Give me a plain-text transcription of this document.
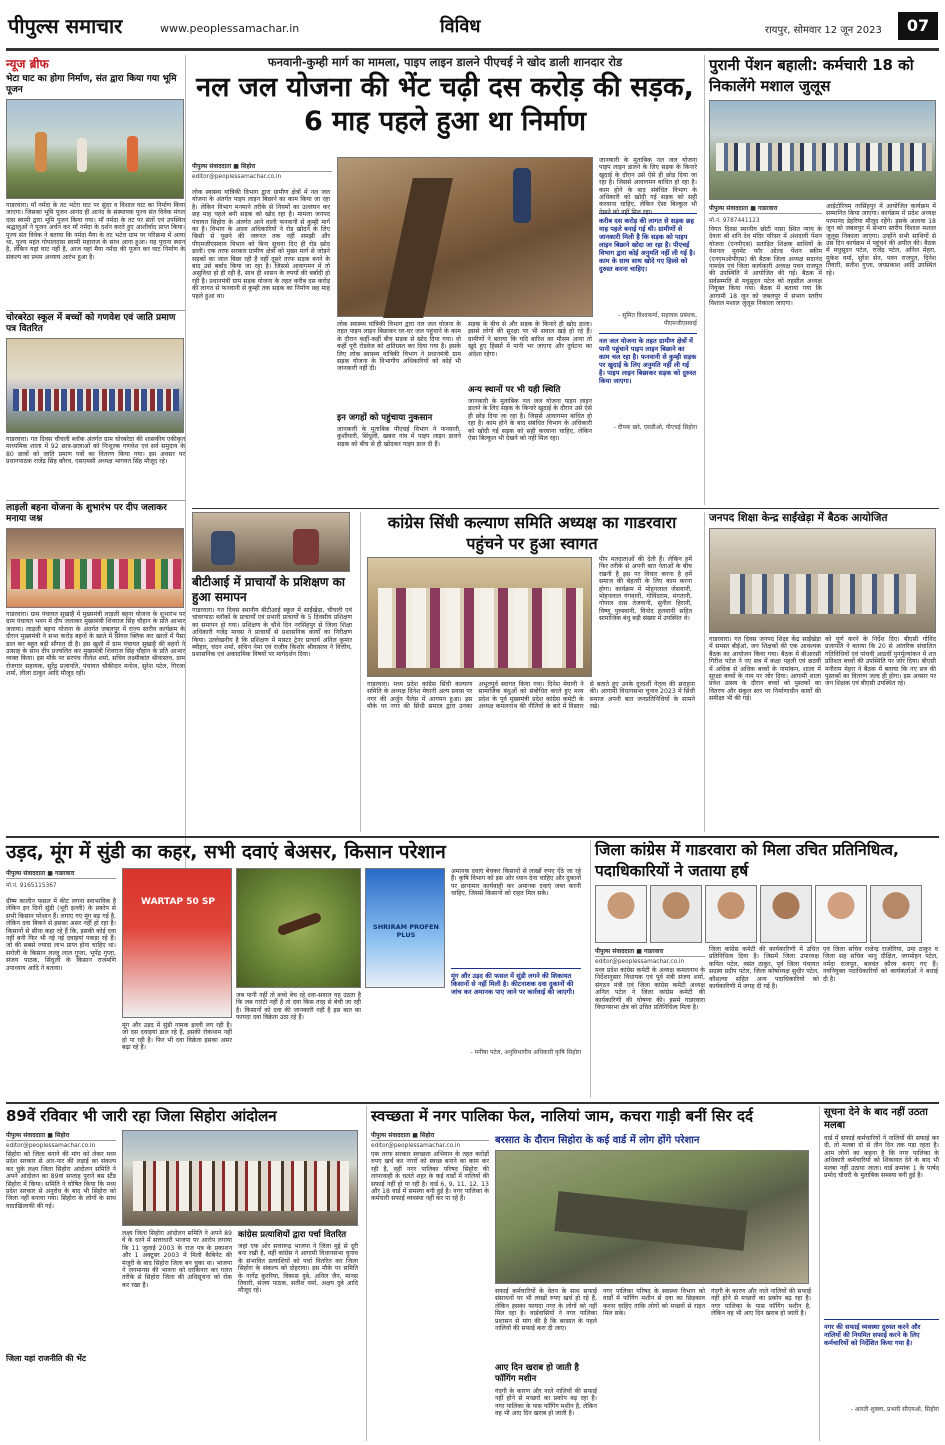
पीपुल्स समाचार	www.peoplessamachar.in	विविध	रायपुर, सोमवार 12 जून 2023	07
न्यूज ब्रीफ
भेटा घाट का होगा निर्माण, संत द्वारा किया गया भूमि पूजन
गाडरवारा। माँ नर्मदा के तट भटेरा घाट पर सुंदर व विशाल घाट का निर्माण किया जाएगा। जिसका भूमि पूजन आनंद ही आनंद के संस्थापक पूज्य संत विवेक मंगल दास स्वामी द्वारा भूमि पूजन किया गया। माँ नर्मदा के तट पर संतों एवं उपस्थित श्रद्धालुओं ने पूजन अर्चन कर माँ नर्मदा के दर्शन करते हुए आशीर्वाद प्राप्त किया। पूज्य संत विवेक ने बताया कि नर्मदा मैया के तट भटेरा ग्राम पर परिक्रमा में आया था, पूज्य महंत गोपालदास स्वामी महाराज के साथ आना हुआ। यह पुराना स्थान है, लेकिन यहां घाट नहीं है, आज यहां मैया नर्मदा की पूजन कर घाट निर्माण के संकल्प का प्रथम अध्याय आरंभ हुआ है।
चोरबरेठा स्कूल में बच्चों को गणवेश एवं जाति प्रमाण पत्र वितरित
गाडरवारा। गत दिवस चीचली ब्लॉक अंतर्गत ग्राम चोरबरेठा की शासकीय एकीकृत माध्यमिक शाला में 92 छात्र-छात्राओं को निःशुल्क गणवेश एवं सर्व समुदाय के 80 छात्रों को जाति प्रमाण पत्रों का वितरण किया गया। इस अवसर पर प्रधानपाठक राजेंद्र सिंह कौरव, एसएमसी अध्यक्ष भागवत सिंह मौजूद रहे।
लाड़ली बहना योजना के शुभारंभ पर दीप जलाकर मनाया जश्न
गाडरवारा। ग्राम पंचायत सुखाहै में मुख्यमंत्री लाड़ली बहना योजना के शुभारंभ पर ग्राम पंचायत भवन में दीप जलाकर मुख्यमंत्री शिवराज सिंह चौहान के प्रति आभार जताया। लाड़ली बहना योजना के अंतर्गत जबलपुर में राज्य स्तरीय कार्यक्रम के दौरान मुख्यमंत्री ने सभा करोड़ बहनों के खाते में सिंगल क्लिक कर खातों में पैसा डाल कर बहुत बड़ी सौगात दी है। इस खुशी में ग्राम पंचायत सुखाहै की बहनों ने उत्साह के साथ दीप प्रज्वलित कर मुख्यमंत्री शिवराज सिंह चौहान के प्रति आभार व्यक्त किया। इस मौके पर सरपंच नीलेश शर्मा, सचिव लक्ष्मीकांत श्रीवास्तव, ग्राम रोजगार सहायक, सुरेंद्र प्रजापति, पंचायत चौकीदार मनोज, सुरेश पटेल, गिरजा शर्मा, लीला ठाकुर आदि मौजूद रहीं।
फनवानी-कुम्ही मार्ग का मामला, पाइप लाइन डालने पीएचई ने खोद डाली शानदार रोड
नल जल योजना की भेंट चढ़ी दस करोड़ की सड़क, 6 माह पहले हुआ था निर्माण
पीपुल्स संवाददाता ■ सिहोरा
editor@peoplessamachar.co.in
लोक स्वास्थ्य यांत्रिकी विभाग द्वारा ग्रामीण क्षेत्रों में नल जल योजना के अंतर्गत पाइप लाइन बिछाने का काम किया जा रहा है। लेकिन विभाग मनमाने तरीके से नियमों का उल्लंघन कर छह माह पहले बनी सड़क को खोद रहा है। मामला जनपद पंचायत सिहोरा के अंतर्गत आने वाली फनवानी से कुम्ही मार्ग का है। विभाग के आला अधिकारियों ने रोड खोदने के लिए किसी से पूछने की जरूरत तक नहीं समझी और पीएमजीएसवाय विभाग को बिना सूचना दिए ही रोड खोद डाली। एक तरफ सरकार ग्रामीण क्षेत्रों को मुख्य मार्ग से जोड़ने सड़कों का जाल बिछा रही है वहीं दूसरे तरफ सड़क बनने के बाद उसे बर्बाद किया जा रहा है। जिससे आवागमन में तो असुविधा हो ही रही है, साथ ही शासन के रुपयों की बर्बादी हो रही है। प्रधानमंत्री ग्राम सड़क योजना के तहत करीब दस करोड़ की लागत से फनवानी से कुम्ही तक सड़क का निर्माण छह माह पहले हुआ था।
लोक स्वास्थ्य यांत्रिकी विभाग द्वारा नल जल योजना के तहत पाइप लाइन बिछाकर घर-घर जल पहुंचाने के काम के दौरान कहीं-कहीं बीच सड़क से खोद दिया गया। वो कहीं पूरी रोडवेज को क्षतिग्रस्त कर दिया गया है। इसके लिए लोक स्वास्थ्य यांत्रिकी विभाग ने प्रधानमंत्री ग्राम सड़क योजना के विभागीय अधिकारियों को कोई भी जानकारी नहीं दी।
इन जगहों को पहुंचाया नुकसान
जानकारी के मुताबिक पीएचई विभाग ने फनवानी, कुशीयारी, सिंधुली, खबरा गांव में पाइप लाइन डालने सड़क को बीच से ही खोदकर पाइप डाल दी हैं।
सड़क के बीच से और सड़क के किनारे ही खोद डाला। इससे लोगों की सुरक्षा पर भी सवाल खड़े हो रहे हैं। ग्रामीणों ने बताया कि यदि बारिश का मौसम आया तो खुदे हुए हिस्सों में पानी भर जाएगा और दुर्घटना का अंदेशा रहेगा।
अन्य स्थानों पर भी यही स्थिति
जानकारी के मुताबिक नल जल योजना पाइप लाइन डालने के लिए सड़क के किनारे खुदाई के दौरान उसे ऐसे ही छोड़ दिया जा रहा है। जिससे आवागमन बाधित हो रहा है। काम होने के बाद संबंधित विभाग के अधिकारी को खोदी गई सड़क को सही करवाना चाहिए, लेकिन ऐसा बिल्कुल भी देखने को नहीं मिल रहा।
जानकारी के मुताबिक नल जल योजना पाइप लाइन डालने के लिए सड़क के किनारे खुदाई के दौरान उसे ऐसे ही छोड़ दिया जा रहा है। जिससे आवागमन बाधित हो रहा है। काम होने के बाद संबंधित विभाग के अधिकारी को खोदी गई सड़क को सही करवाना चाहिए, लेकिन ऐसा बिल्कुल भी देखने को नहीं मिल रहा।
करीब दस करोड़ की लागत से सड़क छह माह पहले बनाई गई थी। ग्रामीणों से जानकारी मिली है कि सड़क को पाइप लाइन बिछाने खोदा जा रहा है। पीएचई विभाग द्वारा कोई अनुमति नहीं ली गई है। काम के साथ साथ खोदे गए हिस्से को दुरुस्त करना चाहिए।
- सुमित विश्वकर्मा, सहायक प्रबंधक, पीएमजीएसवाई
नल जल योजना के तहत ग्रामीण क्षेत्रों में पानी पहुंचाने पाइप लाइन बिछाने का काम चल रहा है। फनवानी से कुम्ही सड़क पर खुदाई के लिए अनुमति नहीं ली गई है। पाइप लाइन बिछाकर सड़क को दुरुस्त किया जाएगा।
- दीपक खरे, एसडीओ, पीएचई सिहोरा
पुरानी पेंशन बहाली: कर्मचारी 18 को निकालेंगे मशाल जुलूस
पीपुल्स संवाददाता ■ गाडरवारा
मो.नं. 9787441123
विगत दिवस स्थानीय छोटी नासा स्थित न्याय के देवता श्री शनि देव मंदिर परिसर में अंशदायी पेंशन योजना (एनपीएस) प्रताड़ित शिक्षक साथियों के नेशनल मूवमेंट फॉर ओल्ड पेंशन स्कीम (एनएमओपीएस) की बैठक जिला अध्यक्ष सदानंद नामदेव एवं जिला कार्यकारी अध्यक्ष पवन राजपूत की उपस्थिति में आयोजित की गई। बैठक में सर्वसम्मति से मधुसूदन पटेल को तहसील अध्यक्ष नियुक्त किया गया। बैठक में बताया गया कि आगामी 18 जून को जबलपुर में संभाग स्तरीय विशाल मशाल जुलूस निकाला जाएगा।
आईटोरियम नरसिंहपुर में आयोजित कार्यक्रम में सम्मानित किया जाएगा। कार्यक्रम में प्रदेश अध्यक्ष परमानंद डेहरिया मौजूद रहेंगे। इसके अलावा 18 जून को जबलपुर में संभाग स्तरीय विशाल मशाल जुलूस निकाला जाएगा। उन्होंने सभी साथियों से उस दिन कार्यक्रम में पहुंचने की अपील की। बैठक में मधुसूदन पटेल, राजेंद्र पटेल, अनिल मेहरा, मुकेश वर्मा, सुरेश सेन, पवन राजपूत, दिनेश तिवारी, सतीश गुप्ता, जयप्रकाश आदि उपस्थित रहे।
बीटीआई में प्राचार्यों के प्रशिक्षण का हुआ समापन
गाडरवारा। गत दिवस स्थानीय बीटीआई स्कूल में साईंखेड़ा, चीचली एवं चांवरपाठा ब्लॉकों के प्राचार्यों एवं प्रभारी प्राचार्यों के 5 दिवसीय प्रशिक्षण का समापन हो गया। प्रशिक्षण के चौथे दिन नरसिंहपुर से जिला शिक्षा अधिकारी गजेंद्र मावस ने प्राचार्यों से प्रशासनिक कार्यों का निरीक्षण किया। उल्लेखनीय है कि प्रशिक्षण में मास्टर ट्रेनर प्राचार्य अनिल कुमार ब्यौहार, चंदन शर्मा, सचिन नेमा एवं राजीव किशोर श्रीवास्तव ने वित्तीय, प्रशासनिक एवं अकादमिक विषयों पर मार्गदर्शन दिया।
कांग्रेस सिंधी कल्याण समिति अध्यक्ष का गाडरवारा पहुंचने पर हुआ स्वागत
पीप मतदाताओं की देती हैं। लेकिन हमें फिर तरीके से अपनी बात नेताओं के बीच रखनी है इस पर विचार करना है हमें समाज की बेहतरी के लिए काम करना होगा। कार्यक्रम में मोहनलाल जेसवानी, मोहनलाल गंगवानी, गोविंदराम, मंगतानी, गोपाल दास तेजवानी, सुनील हिरानी, विष्णु पुरुस्वानी, विनोद हलवानी सहित सामाजिक बंधु बड़ी संख्या में उपस्थित थे।
गाडरवारा। मध्य प्रदेश कांग्रेस सिंधी कल्याण समिति के अध्यक्ष दिनेश मेघानी अल्प प्रवास पर नगर की अर्जुन पैलेस में आगमन हुआ। इस मौके पर नगर की सिंधी समाज द्वारा उनका अभूतपूर्व स्वागत किया गया। दिनेश मेघानी ने सामाजिक बंधुओं को संबोधित करते हुए मध्य प्रदेश के पूर्व मुख्यमंत्री प्रदेश कांग्रेस कमेटी के अध्यक्ष कमलनाथ की नीतियों के बारे में विस्तार से बताते हुए उनके दूरदर्शी नेतृत्व की सराहना की। आगामी विधानसभा चुनाव 2023 में सिंधी समाज अपनी बात जनप्रतिनिधियों के सामने रखे।
जनपद शिक्षा केन्द्र साईंखेड़ा में बैठक आयोजित
गाडरवारा। गत दिवस जनपद शिक्षा केंद्र साईंखेड़ा में समस्त बीईओ, जन शिक्षकों की एक आवश्यक बैठक का आयोजन किया गया। बैठक में बीआरसी गिरीश पटेल ने नए सत्र में कक्षा पहली एवं छठवीं में अधिक से अधिक बच्चों के नामांकन, शाला में सुरक्षा बच्चों के नाम पर जोर दिया। आगामी शाला प्रवेश उत्सव के दौरान बच्चों को पुस्तकों का वितरण और संकुल स्तर पर निर्माणाधीन कार्यों की समीक्षा भी की गई।
को पूर्ण करने के निर्देश दिए। बीएसी गोविंद प्रजापति ने बताया कि 20 से आंतरिक संचालित गतिविधियों एवं पांचवी आठवीं पुनर्मूल्यांकन में शत प्रतिशत बच्चों की उपस्थिति पर जोर दिया। बीएसी मनीराम मेहरा ने बैठक में बताया कि नए सत्र की पुस्तकों का वितरण जल्द ही होगा। इस अवसर पर जन शिक्षक एवं बीएसी उपस्थित रहे।
उड़द, मूंग में सुंडी का कहर, सभी दवाएं बेअसर, किसान परेशान
पीपुल्स संवाददाता ■ गाडरवारा
मो.नं. 9165115367
ग्रीष्म कालीन फसल में कीट लगना स्वाभाविक है लेकिन इन दिनों सुंडी (भूरी इल्ली) के प्रकोप से सभी किसान परेशान हैं। लगाए गए मूंग बढ़ गई है, लेकिन दवा बिकने से इसका असर नहीं हो रहा है। किसानों से सीधा कहा रहे हैं कि, इसकी कोई दवा नहीं बनी फिर भी नई नई दवाइयां पकड़ा रहे हैं। जो की सबसे ज्यादा लाभ प्राप्त होना चाहिए था। सरोली के किसान लल्लू लाल गुप्ता, भूपेंद्र गुप्ता, संजय पाठक, सिंधुली के किसान राजमणि उपाध्याय आदि ने बताया।
WARTAP 50 SP
SHRIRAM PROFEN PLUS
मूंग और उड़द में सुंडी नामक इल्ली लग रही है। जो दस दवाइयां डाल रहे हैं, इसकी रोकथाम नहीं हो पा रही है। फिर भी दवा विक्रेता इसका असर बढ़ा रहे हैं।
जब पानी नहीं तो बच्चे बेच रहे दवा-सवाल यह उठता है कि जब गारंटी नहीं है तो दवा किस तरह से बेची जा रही है। किसानों को दवा की जानकारी नहीं है इस बात का फायदा दवा विक्रेता उठा रहे हैं।
अमानक दवाएं बेचकर किसानों से लाखों रुपए ऐंठे जा रहे हैं। कृषि विभाग को इस ओर ध्यान देना चाहिए और दुकानों पर छापामार कार्यवाही कर अमानक दवाएं जब्त करनी चाहिए, जिससे किसानों को राहत मिल सके।
मूंग और उड़द की फसल में सुंडी लगने की शिकायत किसानों से नहीं मिली है। कीटनाशक दवा दुकानों की जांच कर अमानक पाए जाने पर कार्रवाई की जाएगी।
- मनीषा पटेल, अनुविभागीय अधिकारी कृषि सिहोरा
जिला कांग्रेस में गाडरवारा को मिला उचित प्रतिनिधित्व, पदाधिकारियों ने जताया हर्ष
पीपुल्स संवाददाता ■ गाडरवारा
editor@peoplessamachar.co.in
मध्य प्रदेश कांग्रेस कमेटी के अध्यक्ष कमलनाथ के निर्देशानुसार विधायक एवं पूर्व मंत्री संजय शर्मा, संगठन मंत्री एवं जिला कांग्रेस कमेटी अध्यक्ष अनिल पटेल ने जिला कांग्रेस कमेटी की कार्यकारिणी की घोषणा की। इसमें गाडरवारा विधानसभा क्षेत्र को उचित प्रतिनिधित्व मिला है।
जिला कांग्रेस कमेटी की कार्यकारिणी में उचित प्रतिनिधित्व दिया है। जिसमें जिला उपाध्यक्ष कपिल पटेल, वसंत ठाकुर, पूर्व जिला पंचायत सदस्य प्रदीप पटेल, जिला कोषाध्यक्ष सुधीर पटेल, कौशल्या सहित अन्य पदाधिकारियों को कार्यकारिणी में जगह दी गई है।
एवं जिला सचिव राजेन्द्र राजोरिया, उमा ठाकुर व जिला सह सचिव भानु दीक्षित, जगमोहन पटेल, नर्मदा राजपूत, बलवंत कौरव बनाए गए हैं। नवनियुक्त पदाधिकारियों को कार्यकर्ताओं ने बधाई दी है।
89वें रविवार भी जारी रहा जिला सिहोरा आंदोलन
पीपुल्स संवाददाता ■ सिहोरा
editor@peoplessamachar.co.in
सिहोरा को जिला बनाने की मांग को लेकर मध्य प्रदेश सरकार से आर-पार की लड़ाई का संकल्प कर चुके लक्ष्य जिला सिहोरा आंदोलन समिति ने अपने आंदोलन का 89वां सप्ताह पुराने बस स्टैंड सिहोरा में किया। समिति ने घोषित किया कि मध्य प्रदेश सरकार से अनुरोध के बाद भी सिहोरा को जिला नहीं बनाया गया। सिहोरा के लोगों के साथ वादाखिलाफी की गई।
जिला यहां राजनीति की भेंट
लक्ष्य जिला सिहोरा आंदोलन समिति ने अपने 89 वें के धरने में सत्ताधारी भाजपा पर आरोप लगाया कि 11 जुलाई 2003 के राज पत्र के प्रकाशन और 1 अक्टूबर 2003 में मिली कैबिनेट की मंजूरी के बाद सिहोरा जिला बन चुका था। भाजपा ने जनमानस की भावना को दरकिनार कर गलत तरीके से सिहोरा जिला की अधिसूचना को रोक कर रखा है।
कांग्रेस प्रत्याशियों द्वारा पर्चा वितरित
जहां एक ओर सत्तारूढ़ भाजपा ने जिला मुद्दे से दूरी बना रखी है, वहीं कांग्रेस ने आगामी विधानसभा चुनाव के संभावित प्रत्याशियों को पर्चा वितरित कर जिला सिहोरा के संकल्प को दोहराया। इस मौके पर समिति के नागेंद्र कुररिया, विकास दुबे, अनिल जैन, मानस तिवारी, संजय पाठक, सतीश वर्मा, अक्षय दुबे आदि मौजूद रहे।
स्वच्छता में नगर पालिका फेल, नालियां जाम, कचरा गाड़ी बनीं सिर दर्द
पीपुल्स संवाददाता ■ सिहोरा
editor@peoplessamachar.co.in
एक तरफ सरकार स्वच्छता अभियान के तहत करोड़ों रुपए खर्च कर नगरों को स्वच्छ बनाने का काम कर रही है, वहीं नगर पालिका परिषद सिहोरा की लापरवाही के चलते शहर के कई वार्डों में नालियों की सफाई नहीं हो पा रही है। वार्ड 6, 9, 11, 12, 13 और 18 वार्ड में समस्या बनी हुई है। नगर पालिका के कर्मचारी सफाई व्यवस्था नहीं कर पा रहे हैं।
बरसात के दौरान सिहोरा के कई वार्ड में लोग होंगे परेशान
सफाई कर्मचारियों के वेतन के साथ सफाई संसाधनों पर भी लाखों रुपए खर्च हो रहे हैं, लेकिन इसका फायदा नगर के लोगों को नहीं मिल रहा है। वार्डवासियों ने नगर पालिका प्रशासन से मांग की है कि बरसात के पहले नालियों की सफाई करा दी जाए।
आए दिन खराब हो जाती है फॉगिंग मशीन
गंदगी के कारण और नाले नालियों की सफाई नहीं होने से मच्छरों का प्रकोप बढ़ रहा है। नगर पालिका के पास फॉगिंग मशीन है, लेकिन वह भी आए दिन खराब हो जाती है।
नगर पालिका परिषद के स्वास्थ्य विभाग को वार्डों में फॉगिंग मशीन से दवा का छिड़काव करना चाहिए ताकि लोगों को मच्छरों से राहत मिल सके।
गंदगी के कारण और नाले नालियों की सफाई नहीं होने से मच्छरों का प्रकोप बढ़ रहा है। नगर पालिका के पास फॉगिंग मशीन है, लेकिन वह भी आए दिन खराब हो जाती है।
सूचना देने के बाद नहीं उठता मलबा
वार्ड में सफाई कर्मचारियों ने नालियों की सफाई कर दी, तो मलबा दो से तीन दिन तक पड़ा रहता है। आम लोगों का कहना है कि नगर पालिका के अधिकारी कर्मचारियों को शिकायत देने के बाद भी मलबा नहीं उठाया जाता। वार्ड क्रमांक 1 के पार्षद प्रमोद चौधरी के मुताबिक समस्या बनी हुई है।
नगर की सफाई व्यवस्था दुरुस्त करने और नालियों की नियमित सफाई करने के लिए कर्मचारियों को निर्देशित किया गया है।
- आरती शुक्ला, प्रभारी सीएमओ, सिहोरा
